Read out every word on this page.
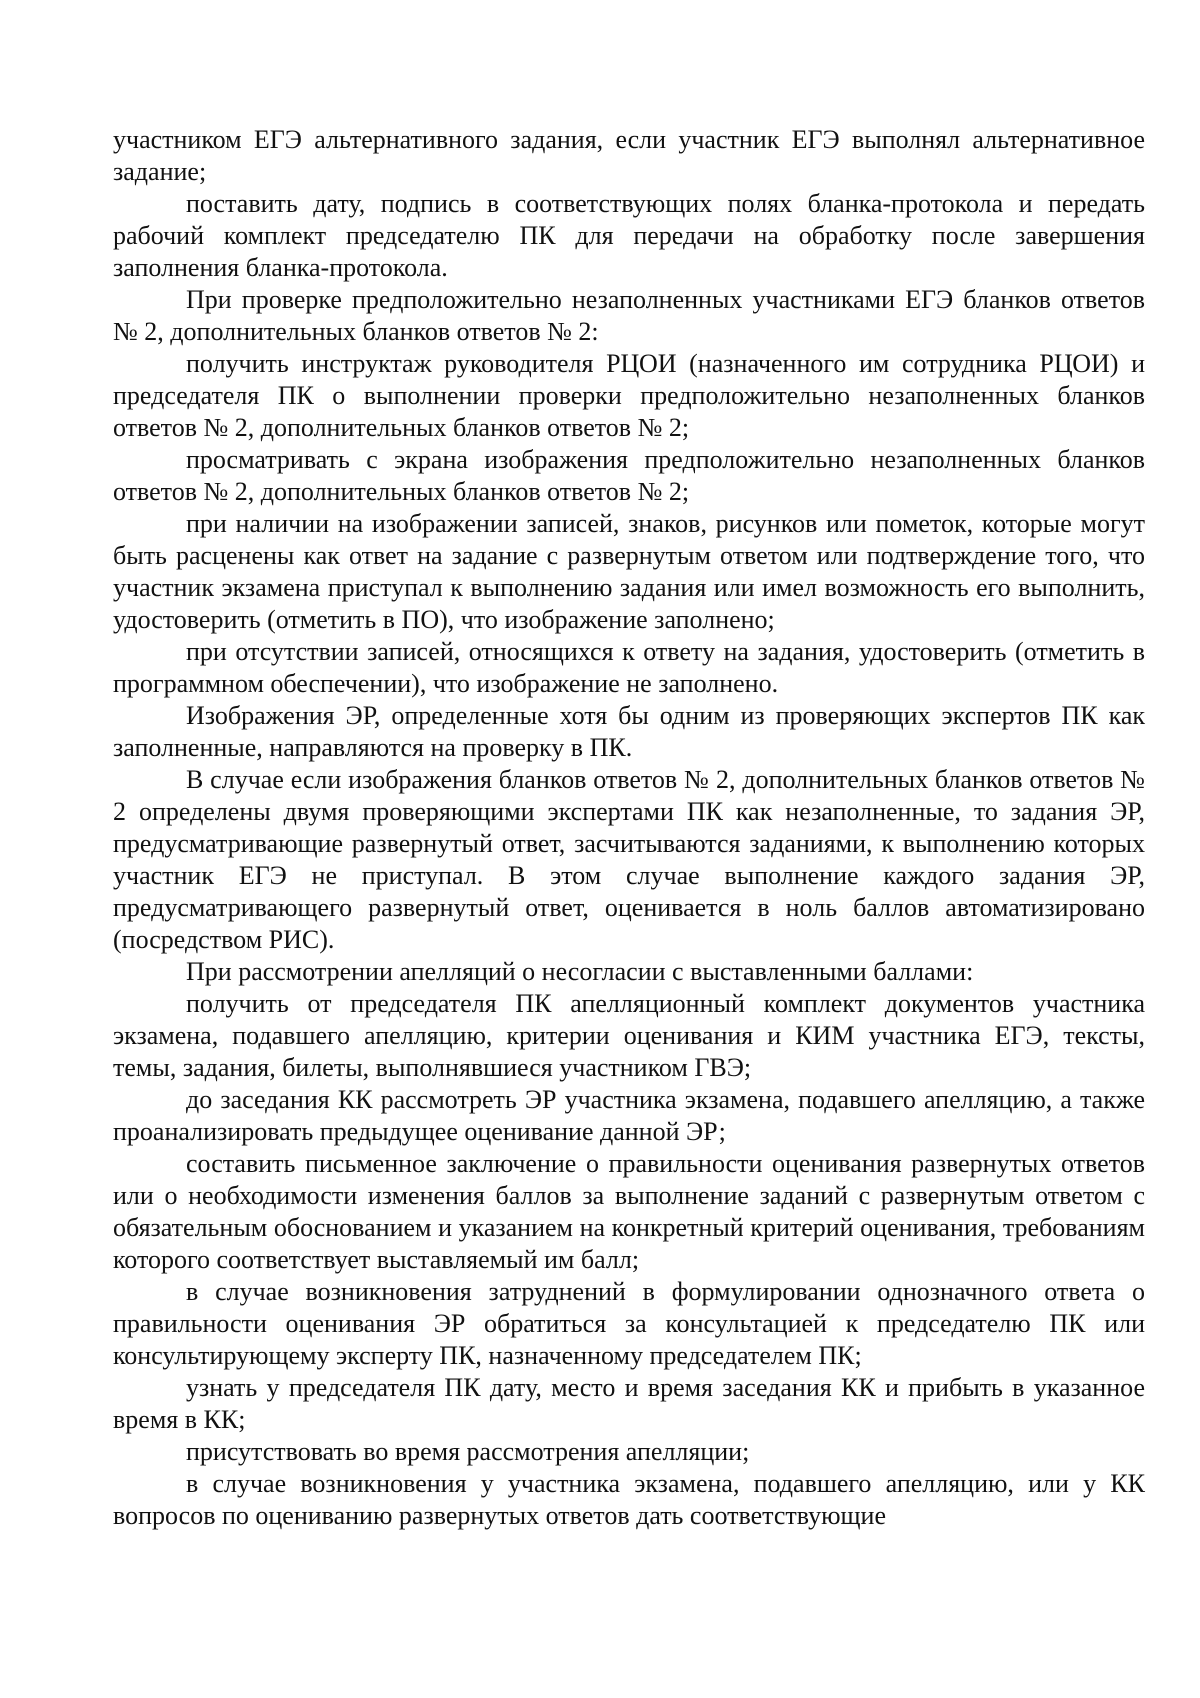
участником ЕГЭ альтернативного задания, если участник ЕГЭ выполнял альтернативное задание;

поставить дату, подпись в соответствующих полях бланка-протокола и передать рабочий комплект председателю ПК для передачи на обработку после завершения заполнения бланка-протокола.

При проверке предположительно незаполненных участниками ЕГЭ бланков ответов № 2, дополнительных бланков ответов № 2:

получить инструктаж руководителя РЦОИ (назначенного им сотрудника РЦОИ) и председателя ПК о выполнении проверки предположительно незаполненных бланков ответов № 2, дополнительных бланков ответов № 2;

просматривать с экрана изображения предположительно незаполненных бланков ответов № 2, дополнительных бланков ответов № 2;

при наличии на изображении записей, знаков, рисунков или пометок, которые могут быть расценены как ответ на задание с развернутым ответом или подтверждение того, что участник экзамена приступал к выполнению задания или имел возможность его выполнить, удостоверить (отметить в ПО), что изображение заполнено;

при отсутствии записей, относящихся к ответу на задания, удостоверить (отметить в программном обеспечении), что изображение не заполнено.

Изображения ЭР, определенные хотя бы одним из проверяющих экспертов ПК как заполненные, направляются на проверку в ПК.

В случае если изображения бланков ответов № 2, дополнительных бланков ответов № 2 определены двумя проверяющими экспертами ПК как незаполненные, то задания ЭР, предусматривающие развернутый ответ, засчитываются заданиями, к выполнению которых участник ЕГЭ не приступал. В этом случае выполнение каждого задания ЭР, предусматривающего развернутый ответ, оценивается в ноль баллов автоматизировано (посредством РИС).

При рассмотрении апелляций о несогласии с выставленными баллами:

получить от председателя ПК апелляционный комплект документов участника экзамена, подавшего апелляцию, критерии оценивания и КИМ участника ЕГЭ, тексты, темы, задания, билеты, выполнявшиеся участником ГВЭ;

до заседания КК рассмотреть ЭР участника экзамена, подавшего апелляцию, а также проанализировать предыдущее оценивание данной ЭР;

составить письменное заключение о правильности оценивания развернутых ответов или о необходимости изменения баллов за выполнение заданий с развернутым ответом с обязательным обоснованием и указанием на конкретный критерий оценивания, требованиям которого соответствует выставляемый им балл;

в случае возникновения затруднений в формулировании однозначного ответа о правильности оценивания ЭР обратиться за консультацией к председателю ПК или консультирующему эксперту ПК, назначенному председателем ПК;

узнать у председателя ПК дату, место и время заседания КК и прибыть в указанное время в КК;

присутствовать во время рассмотрения апелляции;

в случае возникновения у участника экзамена, подавшего апелляцию, или у КК вопросов по оцениванию развернутых ответов дать соответствующие
